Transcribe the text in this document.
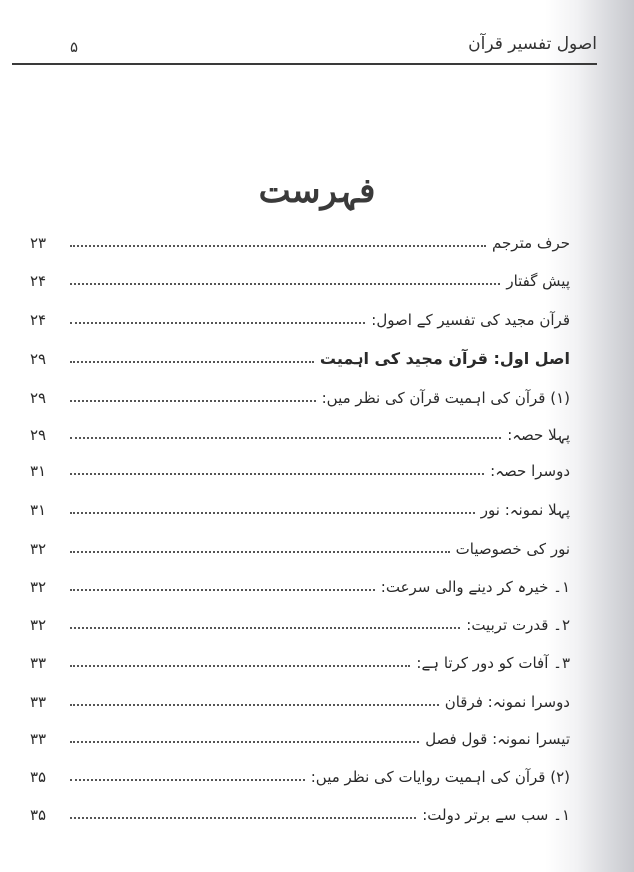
۵	اصول تفسیر قرآن
فہرست
حرف مترجم
۲۳
پیش گفتار
۲۴
قرآن مجید کی تفسیر کے اصول:
۲۴
اصل اول: قرآن مجید کی اہمیت
۲۹
(۱) قرآن کی اہمیت قرآن کی نظر میں:
۲۹
پہلا حصہ:
۲۹
دوسرا حصہ:
۳۱
پہلا نمونہ: نور
۳۱
نور کی خصوصیات
۳۲
۱۔ خیرہ کر دینے والی سرعت:
۳۲
۲۔ قدرت تربیت:
۳۲
۳۔ آفات کو دور کرتا ہے:
۳۳
دوسرا نمونہ: فرقان
۳۳
تیسرا نمونہ: قول فصل
۳۳
(۲) قرآن کی اہمیت روایات کی نظر میں:
۳۵
۱۔ سب سے برتر دولت:
۳۵
